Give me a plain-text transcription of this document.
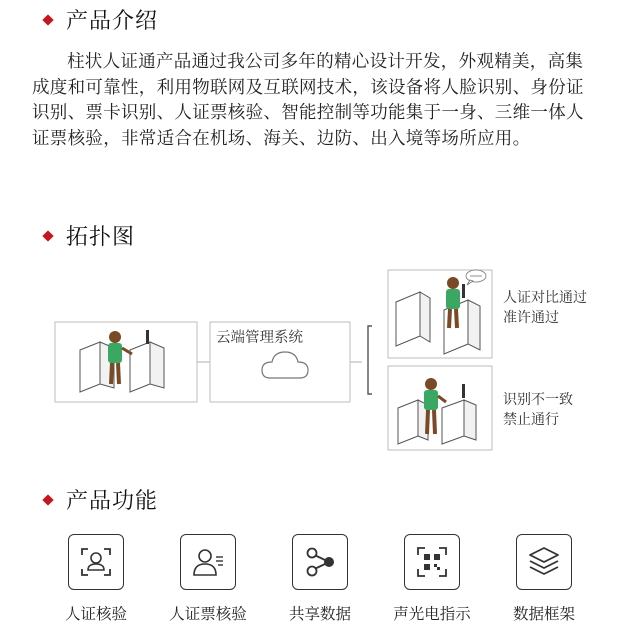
产品介绍

柱状人证通产品通过我公司多年的精心设计开发，外观精美，高集成度和可靠性，利用物联网及互联网技术，该设备将人脸识别、身份证识别、票卡识别、人证票核验、智能控制等功能集于一身、三维一体人证票核验，非常适合在机场、海关、边防、出入境等场所应用。

拓扑图
云端管理系统
人证对比通过
准许通过
识别不一致
禁止通行
产品功能
人证核验	人证票核验	共享数据	声光电指示	数据框架
